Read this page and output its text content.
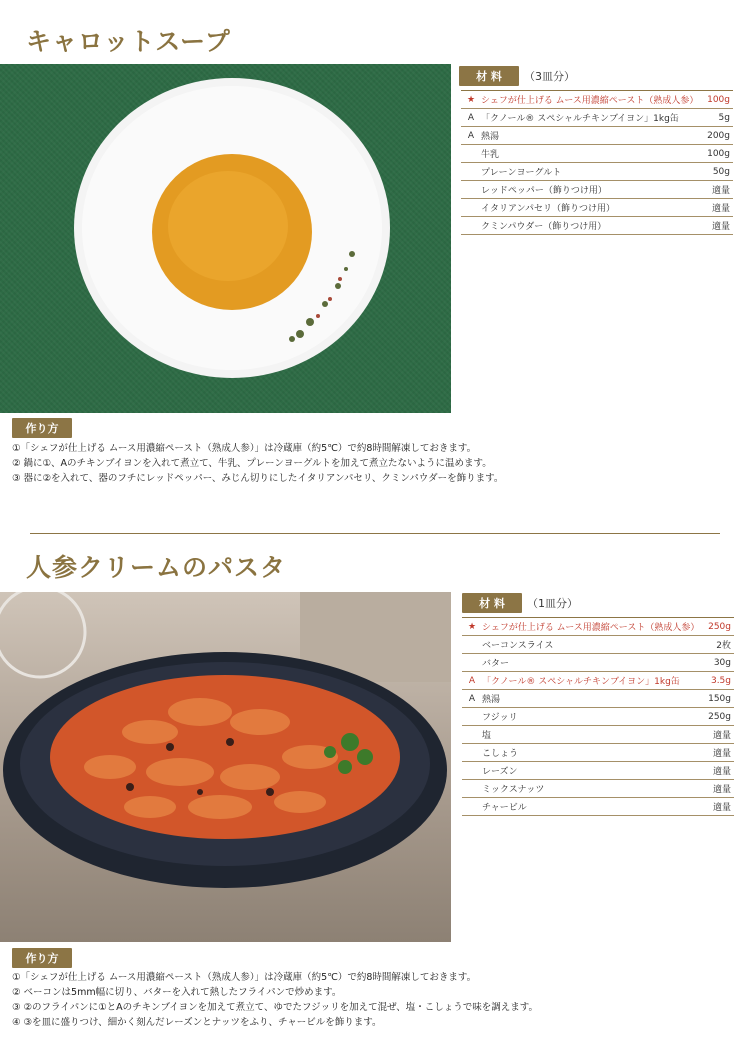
キャロットスープ
材 料	（3皿分）
★ シェフが仕上げる ムース用濃縮ペースト（熟成人参） 100g
A 「クノール® スペシャルチキンブイヨン」1kg缶	5g
A 熱湯	200g
牛乳	100g
プレーンヨーグルト	50g
レッドペッパー（飾りつけ用）	適量
イタリアンパセリ（飾りつけ用）	適量
クミンパウダー（飾りつけ用）	適量
作り方
①「シェフが仕上げる ムース用濃縮ペースト（熟成人参）」は冷蔵庫（約5℃）で約8時間解凍しておきます。
② 鍋に①、Aのチキンブイヨンを入れて煮立て、牛乳、プレーンヨーグルトを加えて煮立たないように温めます。
③ 器に②を入れて、器のフチにレッドペッパー、みじん切りにしたイタリアンパセリ、クミンパウダーを飾ります。
人参クリームのパスタ
材 料	（1皿分）
★ シェフが仕上げる ムース用濃縮ペースト（熟成人参） 250g
ベーコンスライス	2枚
バター	30g
A 「クノール® スペシャルチキンブイヨン」1kg缶	3.5g
A 熱湯	150g
フジッリ	250g
塩	適量
こしょう	適量
レーズン	適量
ミックスナッツ	適量
チャービル	適量
作り方
①「シェフが仕上げる ムース用濃縮ペースト（熟成人参）」は冷蔵庫（約5℃）で約8時間解凍しておきます。
② ベーコンは5mm幅に切り、バターを入れて熱したフライパンで炒めます。
③ ②のフライパンに①とAのチキンブイヨンを加えて煮立て、ゆでたフジッリを加えて混ぜ、塩・こしょうで味を調えます。
④ ③を皿に盛りつけ、細かく刻んだレーズンとナッツをふり、チャービルを飾ります。
